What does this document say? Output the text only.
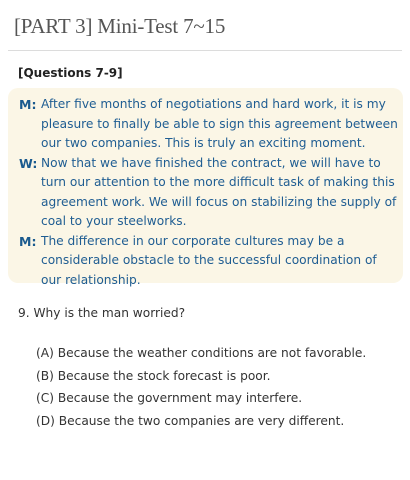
[PART 3] Mini-Test 7~15
[Questions 7-9]
M: After five months of negotiations and hard work, it is my pleasure to finally be able to sign this agreement between our two companies. This is truly an exciting moment.
W: Now that we have finished the contract, we will have to turn our attention to the more difficult task of making this agreement work. We will focus on stabilizing the supply of coal to your steelworks.
M: The difference in our corporate cultures may be a considerable obstacle to the successful coordination of our relationship.
9. Why is the man worried?
(A) Because the weather conditions are not favorable.
(B) Because the stock forecast is poor.
(C) Because the government may interfere.
(D) Because the two companies are very different.
